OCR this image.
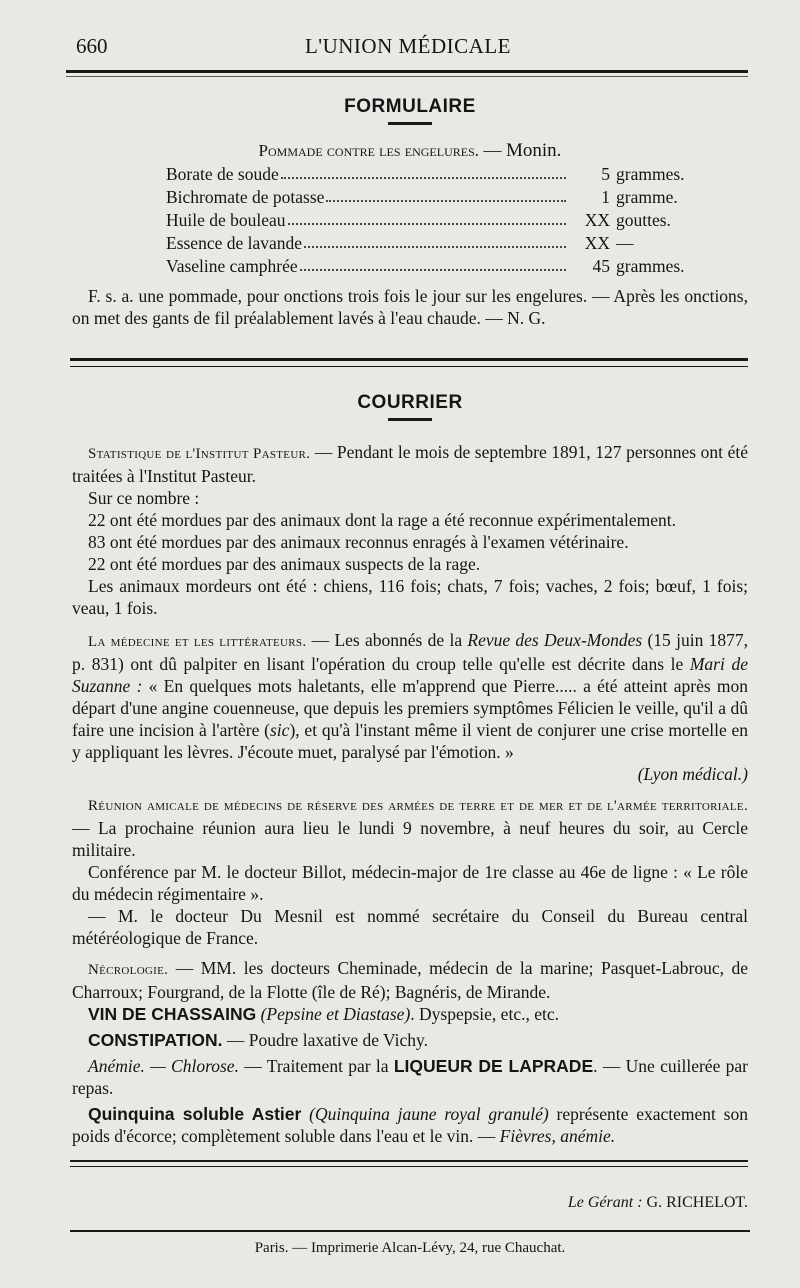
660	L'UNION MÉDICALE
FORMULAIRE
Pommade contre les engelures. — Monin.
Borate de soude	5 grammes.
Bichromate de potasse	1 gramme.
Huile de bouleau	XX gouttes.
Essence de lavande	XX —
Vaseline camphrée	45 grammes.

F. s. a. une pommade, pour onctions trois fois le jour sur les engelures. — Après les onctions, on met des gants de fil préalablement lavés à l'eau chaude. — N. G.

COURRIER

Statistique de l'Institut Pasteur. — Pendant le mois de septembre 1891, 127 personnes ont été traitées à l'Institut Pasteur.

Sur ce nombre :

22 ont été mordues par des animaux dont la rage a été reconnue expérimentalement.

83 ont été mordues par des animaux reconnus enragés à l'examen vétérinaire.

22 ont été mordues par des animaux suspects de la rage.

Les animaux mordeurs ont été : chiens, 116 fois; chats, 7 fois; vaches, 2 fois; bœuf, 1 fois; veau, 1 fois.

La médecine et les littérateurs. — Les abonnés de la Revue des Deux-Mondes (15 juin 1877, p. 831) ont dû palpiter en lisant l'opération du croup telle qu'elle est décrite dans le Mari de Suzanne : « En quelques mots haletants, elle m'apprend que Pierre..... a été atteint après mon départ d'une angine couenneuse, que depuis les premiers symptômes Félicien le veille, qu'il a dû faire une incision à l'artère (sic), et qu'à l'instant même il vient de conjurer une crise mortelle en y appliquant les lèvres. J'écoute muet, paralysé par l'émotion. »

(Lyon médical.)

Réunion amicale de médecins de réserve des armées de terre et de mer et de l'armée territoriale. — La prochaine réunion aura lieu le lundi 9 novembre, à neuf heures du soir, au Cercle militaire.

Conférence par M. le docteur Billot, médecin-major de 1re classe au 46e de ligne : « Le rôle du médecin régimentaire ».

— M. le docteur Du Mesnil est nommé secrétaire du Conseil du Bureau central météréologique de France.

Nécrologie. — MM. les docteurs Cheminade, médecin de la marine; Pasquet-Labrouc, de Charroux; Fourgrand, de la Flotte (île de Ré); Bagnéris, de Mirande.

VIN DE CHASSAING (Pepsine et Diastase). Dyspepsie, etc., etc.

CONSTIPATION. — Poudre laxative de Vichy.

Anémie. — Chlorose. — Traitement par la LIQUEUR DE LAPRADE. — Une cuillerée par repas.

Quinquina soluble Astier (Quinquina jaune royal granulé) représente exactement son poids d'écorce; complètement soluble dans l'eau et le vin. — Fièvres, anémie.

Le Gérant : G. RICHELOT.
Paris. — Imprimerie Alcan-Lévy, 24, rue Chauchat.
